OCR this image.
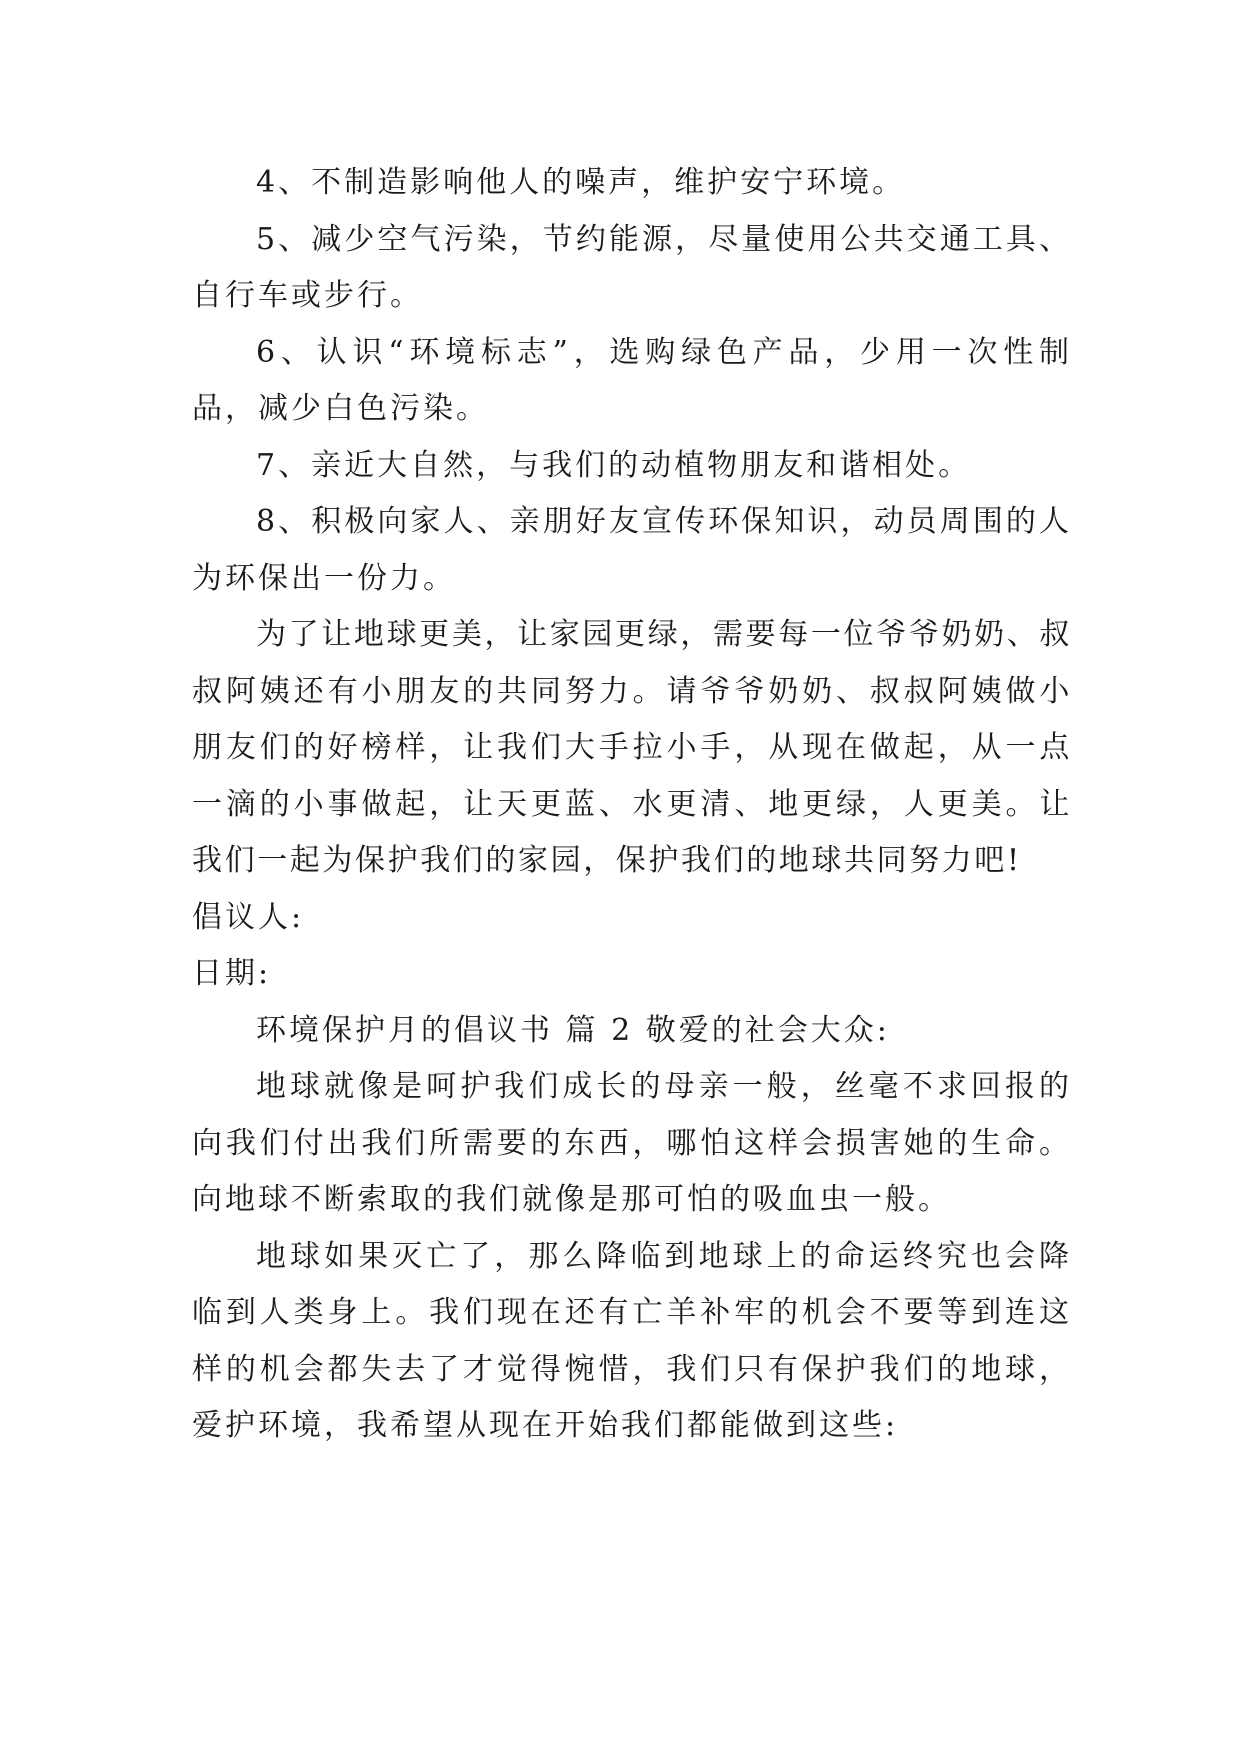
4、不制造影响他人的噪声，维护安宁环境。

5、减少空气污染，节约能源，尽量使用公共交通工具、自行车或步行。

6、认识“环境标志”，选购绿色产品，少用一次性制品，减少白色污染。

7、亲近大自然，与我们的动植物朋友和谐相处。

8、积极向家人、亲朋好友宣传环保知识，动员周围的人为环保出一份力。

为了让地球更美，让家园更绿，需要每一位爷爷奶奶、叔叔阿姨还有小朋友的共同努力。请爷爷奶奶、叔叔阿姨做小朋友们的好榜样，让我们大手拉小手，从现在做起，从一点一滴的小事做起，让天更蓝、水更清、地更绿，人更美。让我们一起为保护我们的家园，保护我们的地球共同努力吧!

倡议人:

日期:

环境保护月的倡议书 篇 2 敬爱的社会大众:

地球就像是呵护我们成长的母亲一般，丝毫不求回报的向我们付出我们所需要的东西，哪怕这样会损害她的生命。向地球不断索取的我们就像是那可怕的吸血虫一般。

地球如果灭亡了，那么降临到地球上的命运终究也会降临到人类身上。我们现在还有亡羊补牢的机会不要等到连这样的机会都失去了才觉得惋惜，我们只有保护我们的地球，爱护环境，我希望从现在开始我们都能做到这些:
